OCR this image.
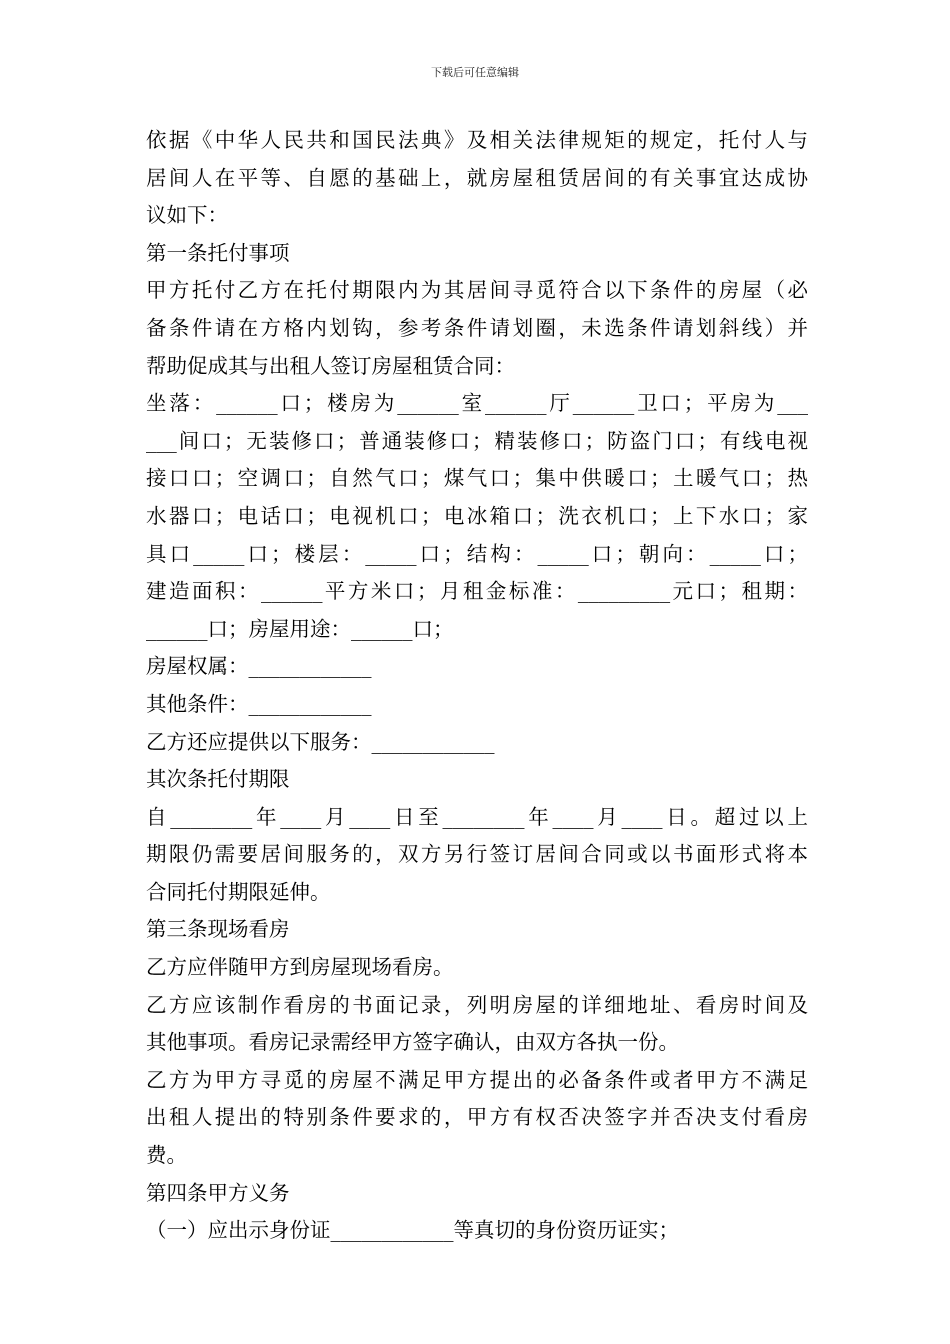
下载后可任意编辑
依据《中华人民共和国民法典》及相关法律规矩的规定，托付人与
居间人在平等、自愿的基础上，就房屋租赁居间的有关事宜达成协
议如下：
第一条托付事项
甲方托付乙方在托付期限内为其居间寻觅符合以下条件的房屋（必
备条件请在方格内划钩，参考条件请划圈，未选条件请划斜线）并
帮助促成其与出租人签订房屋租赁合同：
坐落：______口；楼房为______室______厅______卫口；平房为___
___间口；无装修口；普通装修口；精装修口；防盗门口；有线电视
接口口；空调口；自然气口；煤气口；集中供暖口；土暖气口；热
水器口；电话口；电视机口；电冰箱口；洗衣机口；上下水口；家
具口_____口；楼层：_____口；结构：_____口；朝向：_____口；
建造面积：______平方米口；月租金标准：_________元口；租期：
______口；房屋用途：______口；
房屋权属：____________
其他条件：____________
乙方还应提供以下服务：____________
其次条托付期限
自________年____月____日至________年____月____日。超过以上
期限仍需要居间服务的，双方另行签订居间合同或以书面形式将本
合同托付期限延伸。
第三条现场看房
乙方应伴随甲方到房屋现场看房。
乙方应该制作看房的书面记录，列明房屋的详细地址、看房时间及
其他事项。看房记录需经甲方签字确认，由双方各执一份。
乙方为甲方寻觅的房屋不满足甲方提出的必备条件或者甲方不满足
出租人提出的特别条件要求的，甲方有权否决签字并否决支付看房
费。
第四条甲方义务
（一）应出示身份证____________等真切的身份资历证实；
